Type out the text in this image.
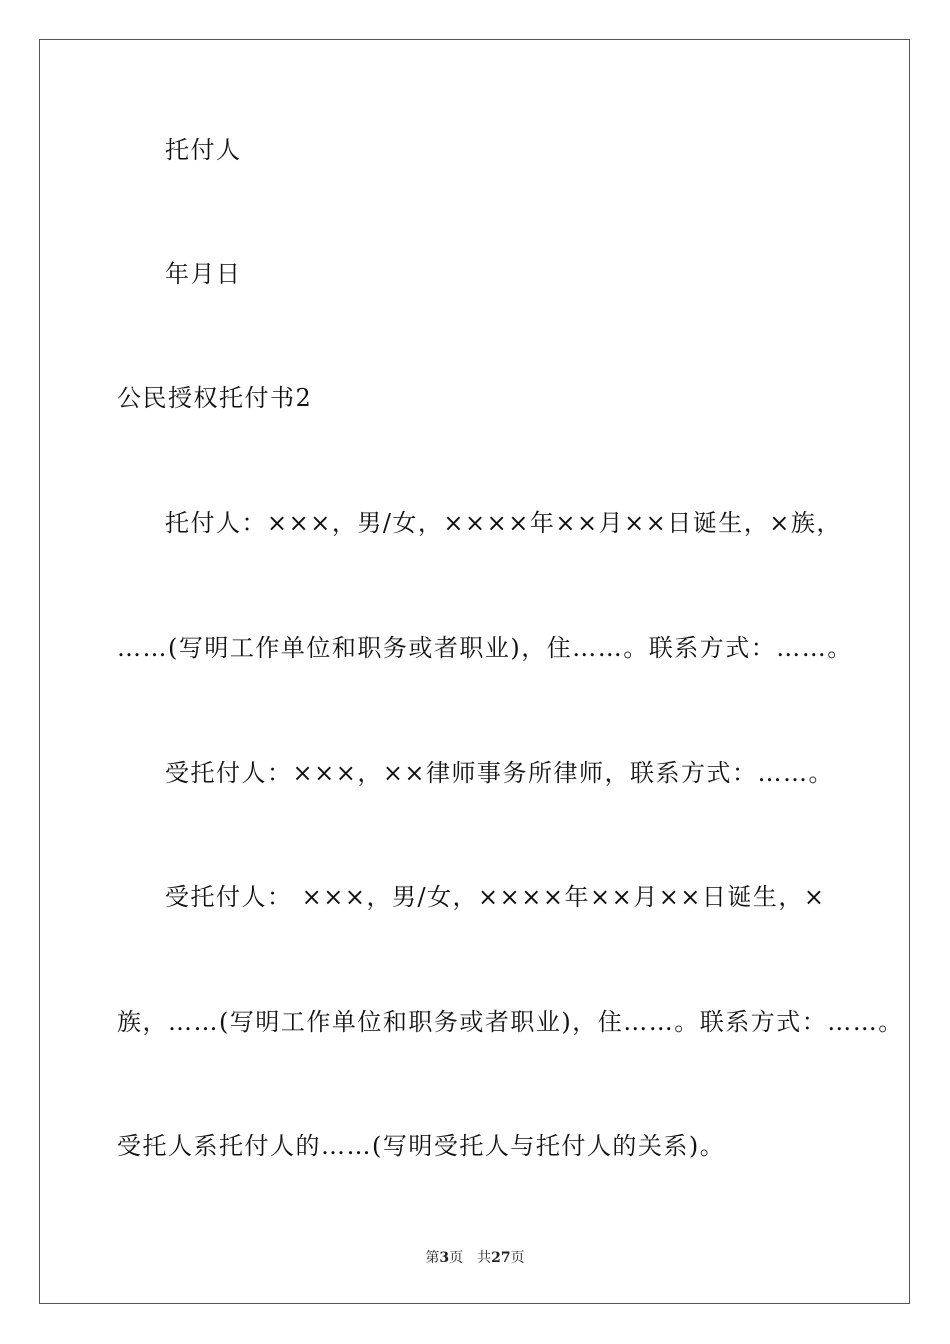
托付人
年月日
公民授权托付书2
托付人：×××，男/女，××××年××月××日诞生，×族，
……(写明工作单位和职务或者职业)，住……。联系方式：……。
受托付人：×××，××律师事务所律师，联系方式：……。
受托付人： ×××，男/女，××××年××月××日诞生，×
族，……(写明工作单位和职务或者职业)，住……。联系方式：……。
受托人系托付人的……(写明受托人与托付人的关系)。
第3页 共27页
